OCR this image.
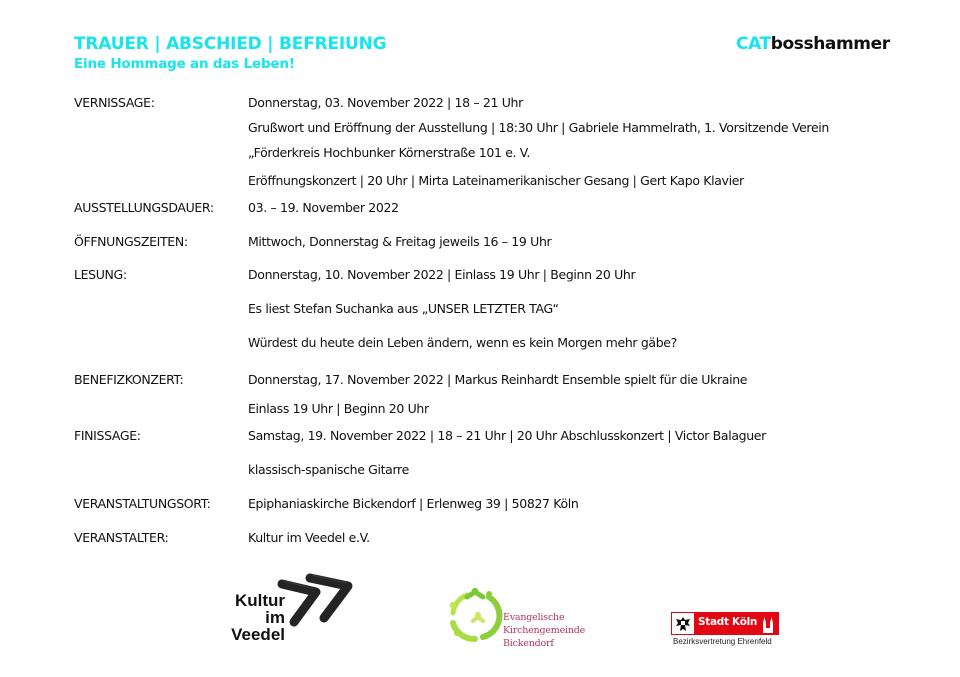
TRAUER | ABSCHIED | BEFREIUNG
Eine Hommage an das Leben!
CATbosshammer
VERNISSAGE:	Donnerstag, 03. November 2022 | 18 – 21 Uhr
Grußwort und Eröffnung der Ausstellung | 18:30 Uhr | Gabriele Hammelrath, 1. Vorsitzende Verein
„Förderkreis Hochbunker Körnerstraße 101 e. V.
Eröffnungskonzert | 20 Uhr | Mirta Lateinamerikanischer Gesang | Gert Kapo Klavier
AUSSTELLUNGSDAUER:	03. – 19. November 2022
ÖFFNUNGSZEITEN:	Mittwoch, Donnerstag & Freitag jeweils 16 – 19 Uhr
LESUNG:	Donnerstag, 10. November 2022 | Einlass 19 Uhr | Beginn 20 Uhr
Es liest Stefan Suchanka aus „UNSER LETZTER TAG“
Würdest du heute dein Leben ändern, wenn es kein Morgen mehr gäbe?
BENEFIZKONZERT:	Donnerstag, 17. November 2022 | Markus Reinhardt Ensemble spielt für die Ukraine
Einlass 19 Uhr | Beginn 20 Uhr
FINISSAGE:	Samstag, 19. November 2022 | 18 – 21 Uhr | 20 Uhr Abschlusskonzert | Victor Balaguer
klassisch-spanische Gitarre
VERANSTALTUNGSORT:	Epiphaniaskirche Bickendorf | Erlenweg 39 | 50827 Köln
VERANSTALTER:	Kultur im Veedel e.V.
Kultur
im
Veedel
Evangelische
Kirchengemeinde
Bickendorf
Stadt Köln
Bezirksvertretung Ehrenfeld
